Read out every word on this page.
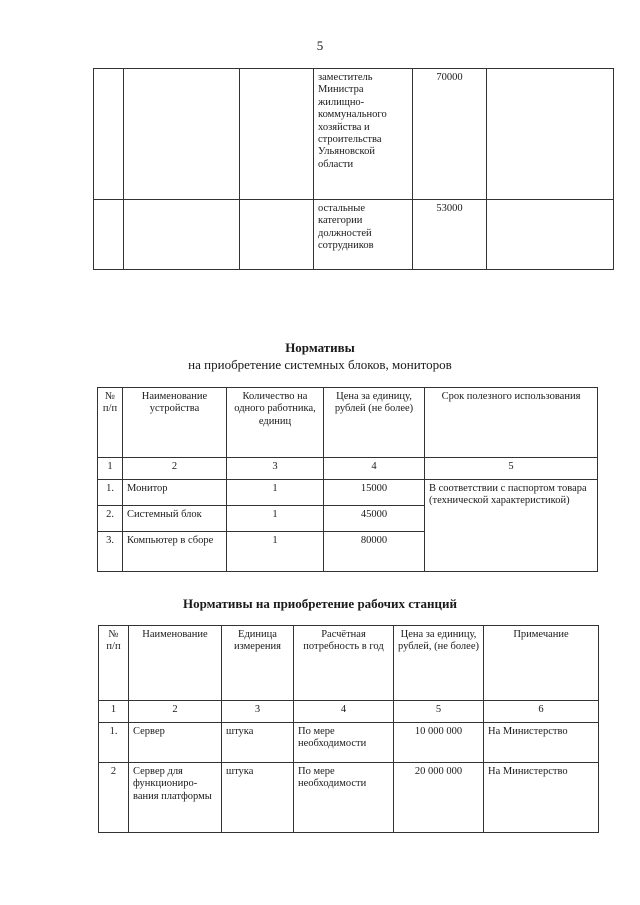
5
			заместитель Министра жилищно-коммунального хозяйства и строительства Ульяновской области	70000	
			остальные категории должностей сотрудников	53000	
Нормативы
на приобретение системных блоков, мониторов
№ п/п	Наименование устройства	Количество на одного работника, единиц	Цена за единицу, рублей (не более)	Срок полезного использования
1	2	3	4	5
1.	Монитор	1	15000	В соответствии с паспортом товара (технической характеристикой)
2.	Системный блок	1	45000	
3.	Компьютер в сборе	1	80000	
Нормативы на приобретение рабочих станций
№ п/п	Наименование	Единица измерения	Расчётная потребность в год	Цена за единицу, рублей, (не более)	Примечание
1	2	3	4	5	6
1.	Сервер	штука	По мере необходимости	10 000 000	На Министерство
2	Сервер для функциониро-вания платформы	штука	По мере необходимости	20 000 000	На Министерство
